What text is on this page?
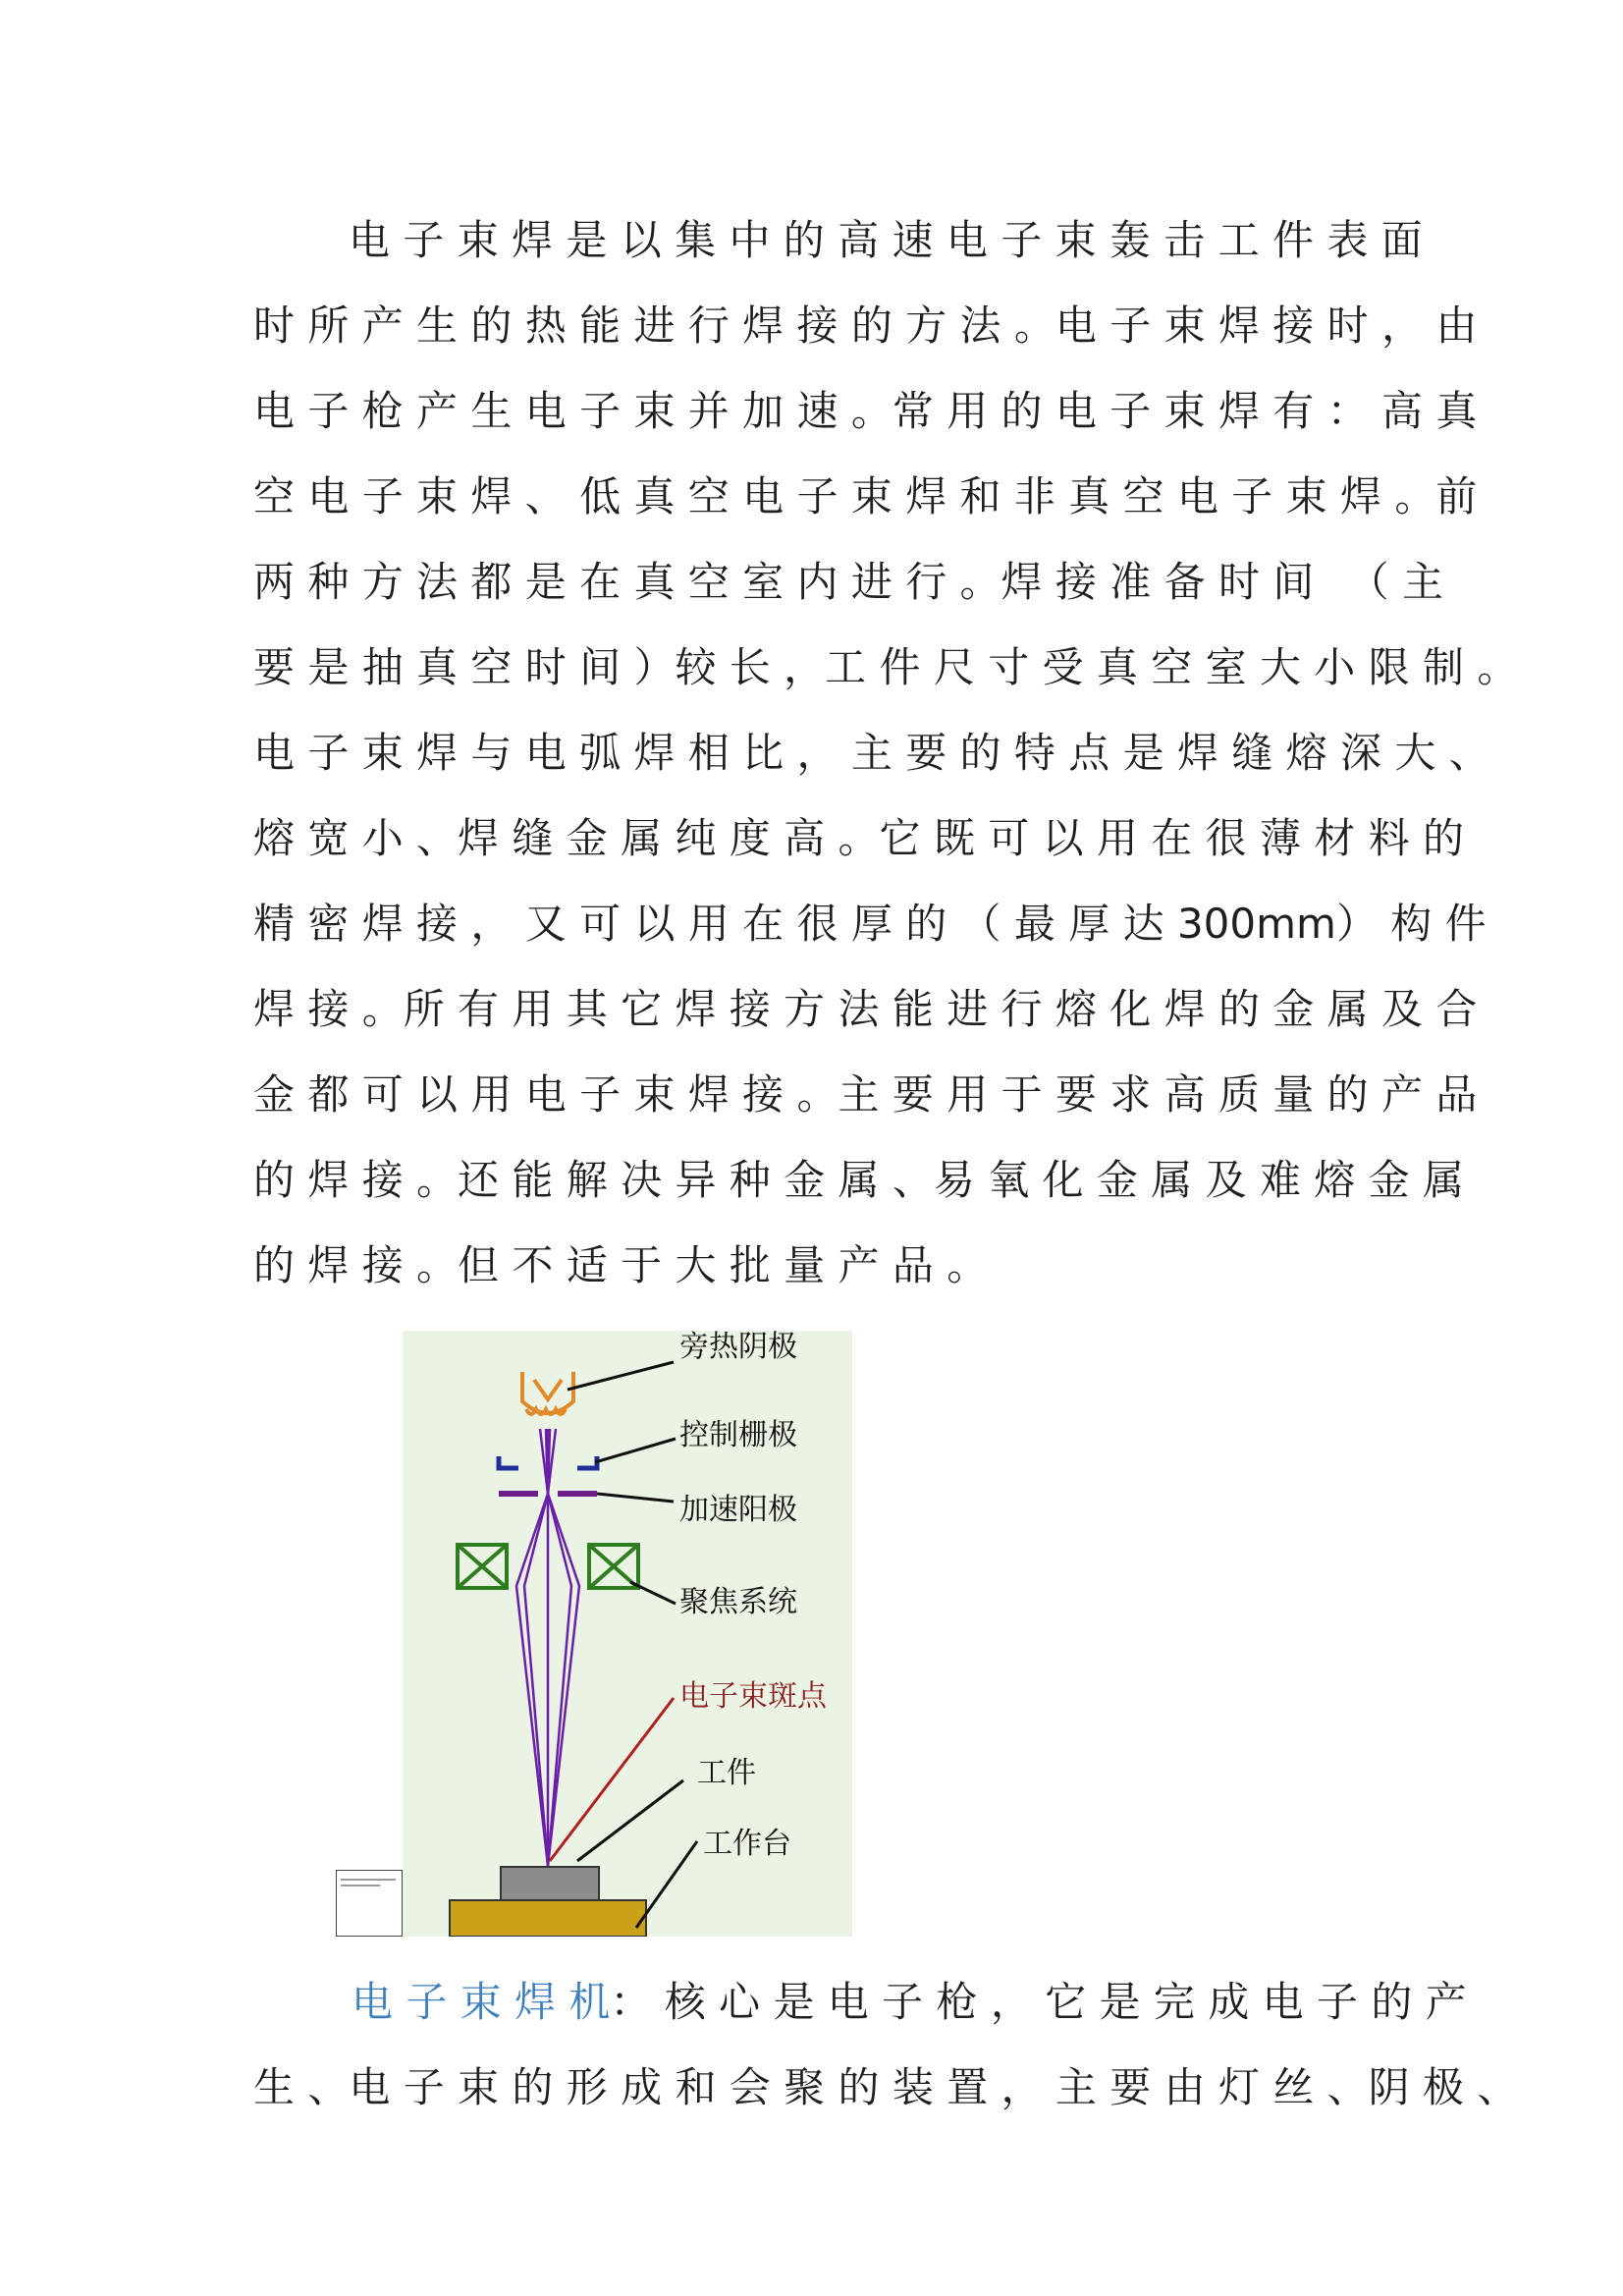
电 子 束 焊 是 以 集 中 的 高 速 电 子 束 轰 击 工 件 表 面
时 所 产 生 的 热 能 进 行 焊 接 的 方 法 。电 子 束 焊 接 时 ， 由
电 子 枪 产 生 电 子 束 并 加 速 。常 用 的 电 子 束 焊 有 ： 高 真
空 电 子 束 焊 、 低 真 空 电 子 束 焊 和 非 真 空 电 子 束 焊 。前
两 种 方 法 都 是 在 真 空 室 内 进 行 。焊 接 准 备 时 间 　（ 主
要 是 抽 真 空 时 间 ）较 长 ，工 件 尺 寸 受 真 空 室 大 小 限 制 。
电 子 束 焊 与 电 弧 焊 相 比 ， 主 要 的 特 点 是 焊 缝 熔 深 大 、
熔 宽 小 、焊 缝 金 属 纯 度 高 。它 既 可 以 用 在 很 薄 材 料 的
精 密 焊 接 ， 又 可 以 用 在 很 厚 的 （ 最 厚 达 300mm） 构 件
焊 接 。所 有 用 其 它 焊 接 方 法 能 进 行 熔 化 焊 的 金 属 及 合
金 都 可 以 用 电 子 束 焊 接 。主 要 用 于 要 求 高 质 量 的 产 品
的 焊 接 。还 能 解 决 异 种 金 属 、易 氧 化 金 属 及 难 熔 金 属
的 焊 接 。但 不 适 于 大 批 量 产 品 。
旁热阴极
控制栅极
加速阳极
聚焦系统
电子束斑点
工件
工作台
电 子 束 焊 机： 核 心 是 电 子 枪 ， 它 是 完 成 电 子 的 产
生 、电 子 束 的 形 成 和 会 聚 的 装 置 ， 主 要 由 灯 丝 、阴 极 、
